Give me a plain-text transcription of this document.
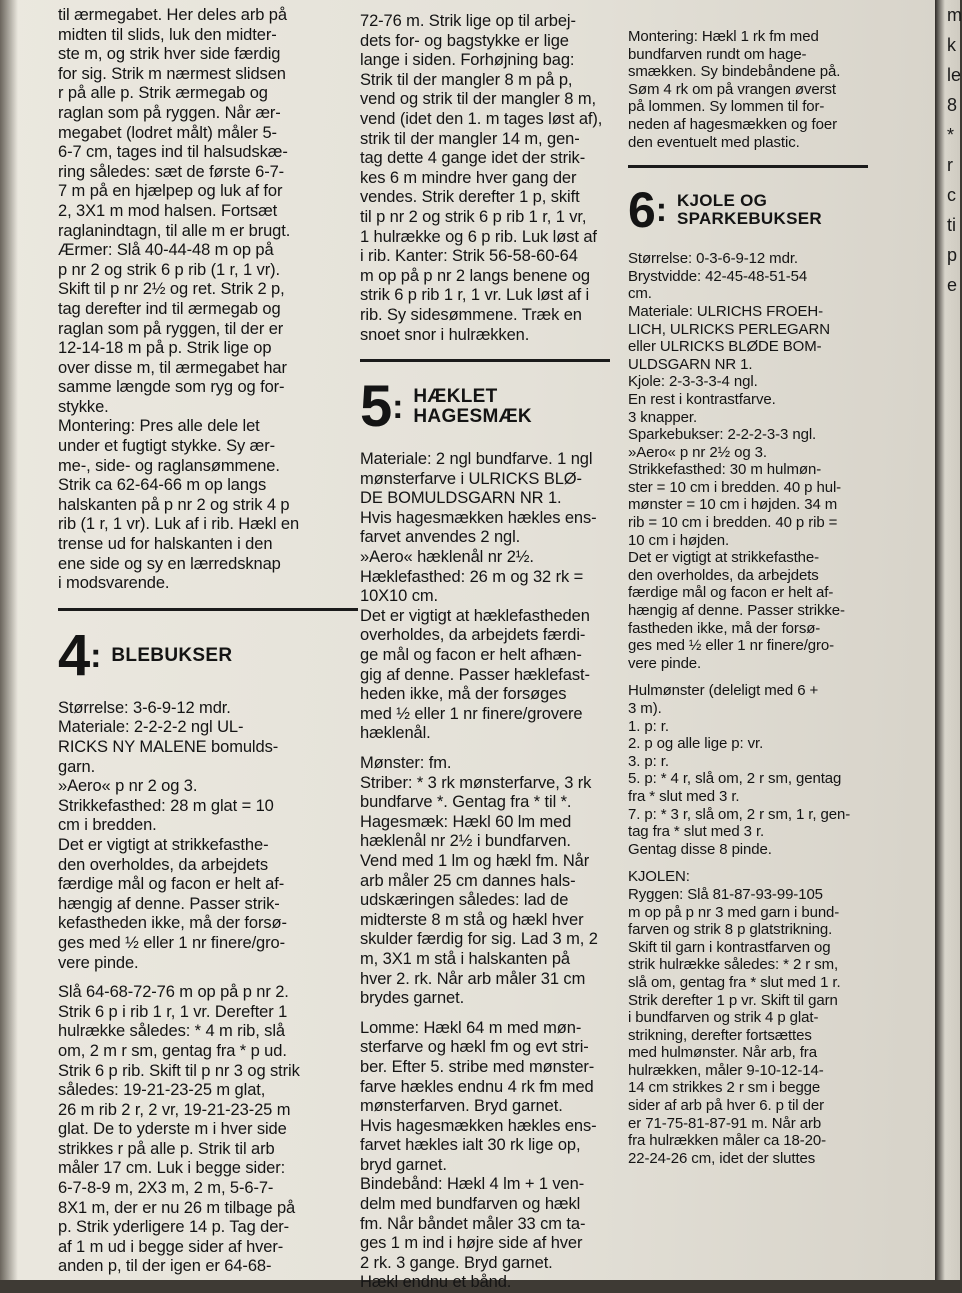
til ærmegabet. Her deles arb på
midten til slids, luk den midter-
ste m, og strik hver side færdig
for sig. Strik m nærmest slidsen
r på alle p. Strik ærmegab og
raglan som på ryggen. Når ær-
megabet (lodret målt) måler 5-
6-7 cm, tages ind til halsudskæ-
ring således: sæt de første 6-7-
7 m på en hjælpep og luk af for
2, 3X1 m mod halsen. Fortsæt
raglanindtagn, til alle m er brugt.
Ærmer: Slå 40-44-48 m op på
p nr 2 og strik 6 p rib (1 r, 1 vr).
Skift til p nr 2½ og ret. Strik 2 p,
tag derefter ind til ærmegab og
raglan som på ryggen, til der er
12-14-18 m på p. Strik lige op
over disse m, til ærmegabet har
samme længde som ryg og for-
stykke.
Montering: Pres alle dele let
under et fugtigt stykke. Sy ær-
me-, side- og raglansømmene.
Strik ca 62-64-66 m op langs
halskanten på p nr 2 og strik 4 p
rib (1 r, 1 vr). Luk af i rib. Hækl en
trense ud for halskanten i den
ene side og sy en lærredsknap
i modsvarende.
4 : BLEBUKSER
Størrelse: 3-6-9-12 mdr.
Materiale: 2-2-2-2 ngl UL-
RICKS NY MALENE bomulds-
garn.
»Aero« p nr 2 og 3.
Strikkefasthed: 28 m glat = 10
cm i bredden.
Det er vigtigt at strikkefasthe-
den overholdes, da arbejdets
færdige mål og facon er helt af-
hængig af denne. Passer strik-
kefastheden ikke, må der forsø-
ges med ½ eller 1 nr finere/gro-
vere pinde.
Slå 64-68-72-76 m op på p nr 2.
Strik 6 p i rib 1 r, 1 vr. Derefter 1
hulrække således: * 4 m rib, slå
om, 2 m r sm, gentag fra * p ud.
Strik 6 p rib. Skift til p nr 3 og strik
således: 19-21-23-25 m glat,
26 m rib 2 r, 2 vr, 19-21-23-25 m
glat. De to yderste m i hver side
strikkes r på alle p. Strik til arb
måler 17 cm. Luk i begge sider:
6-7-8-9 m, 2X3 m, 2 m, 5-6-7-
8X1 m, der er nu 26 m tilbage på
p. Strik yderligere 14 p. Tag der-
af 1 m ud i begge sider af hver-
anden p, til der igen er 64-68-
72-76 m. Strik lige op til arbej-
dets for- og bagstykke er lige
lange i siden. Forhøjning bag:
Strik til der mangler 8 m på p,
vend og strik til der mangler 8 m,
vend (idet den 1. m tages løst af),
strik til der mangler 14 m, gen-
tag dette 4 gange idet der strik-
kes 6 m mindre hver gang der
vendes. Strik derefter 1 p, skift
til p nr 2 og strik 6 p rib 1 r, 1 vr,
1 hulrække og 6 p rib. Luk løst af
i rib. Kanter: Strik 56-58-60-64
m op på p nr 2 langs benene og
strik 6 p rib 1 r, 1 vr. Luk løst af i
rib. Sy sidesømmene. Træk en
snoet snor i hulrækken.
5 : HÆKLET
HAGESMÆK
Materiale: 2 ngl bundfarve. 1 ngl
mønsterfarve i ULRICKS BLØ-
DE BOMULDSGARN NR 1.
Hvis hagesmækken hækles ens-
farvet anvendes 2 ngl.
»Aero« hæklenål nr 2½.
Hæklefasthed: 26 m og 32 rk =
10X10 cm.
Det er vigtigt at hæklefastheden
overholdes, da arbejdets færdi-
ge mål og facon er helt afhæn-
gig af denne. Passer hæklefast-
heden ikke, må der forsøges
med ½ eller 1 nr finere/grovere
hæklenål.
Mønster: fm.
Striber: * 3 rk mønsterfarve, 3 rk
bundfarve *. Gentag fra * til *.
Hagesmæk: Hækl 60 lm med
hæklenål nr 2½ i bundfarven.
Vend med 1 lm og hækl fm. Når
arb måler 25 cm dannes hals-
udskæringen således: lad de
midterste 8 m stå og hækl hver
skulder færdig for sig. Lad 3 m, 2
m, 3X1 m stå i halskanten på
hver 2. rk. Når arb måler 31 cm
brydes garnet.
Lomme: Hækl 64 m med møn-
sterfarve og hækl fm og evt stri-
ber. Efter 5. stribe med mønster-
farve hækles endnu 4 rk fm med
mønsterfarven. Bryd garnet.
Hvis hagesmækken hækles ens-
farvet hækles ialt 30 rk lige op,
bryd garnet.
Bindebånd: Hækl 4 lm + 1 ven-
delm med bundfarven og hækl
fm. Når båndet måler 33 cm ta-
ges 1 m ind i højre side af hver
2 rk. 3 gange. Bryd garnet.
Hækl endnu et bånd.
Montering: Hækl 1 rk fm med
bundfarven rundt om hage-
smækken. Sy bindebåndene på.
Søm 4 rk om på vrangen øverst
på lommen. Sy lommen til for-
neden af hagesmækken og foer
den eventuelt med plastic.
6 : KJOLE OG
SPARKEBUKSER
Størrelse: 0-3-6-9-12 mdr.
Brystvidde: 42-45-48-51-54
cm.
Materiale: ULRICHS FROEH-
LICH, ULRICKS PERLEGARN
eller ULRICKS BLØDE BOM-
ULDSGARN NR 1.
Kjole: 2-3-3-3-4 ngl.
En rest i kontrastfarve.
3 knapper.
Sparkebukser: 2-2-2-3-3 ngl.
»Aero« p nr 2½ og 3.
Strikkefasthed: 30 m hulmøn-
ster = 10 cm i bredden. 40 p hul-
mønster = 10 cm i højden. 34 m
rib = 10 cm i bredden. 40 p rib =
10 cm i højden.
Det er vigtigt at strikkefasthe-
den overholdes, da arbejdets
færdige mål og facon er helt af-
hængig af denne. Passer strikke-
fastheden ikke, må der forsø-
ges med ½ eller 1 nr finere/gro-
vere pinde.
Hulmønster (deleligt med 6 +
3 m).
1. p: r.
2. p og alle lige p: vr.
3. p: r.
5. p: * 4 r, slå om, 2 r sm, gentag
fra * slut med 3 r.
7. p: * 3 r, slå om, 2 r sm, 1 r, gen-
tag fra * slut med 3 r.
Gentag disse 8 pinde.
KJOLEN:
Ryggen: Slå 81-87-93-99-105
m op på p nr 3 med garn i bund-
farven og strik 8 p glatstrikning.
Skift til garn i kontrastfarven og
strik hulrække således: * 2 r sm,
slå om, gentag fra * slut med 1 r.
Strik derefter 1 p vr. Skift til garn
i bundfarven og strik 4 p glat-
strikning, derefter fortsættes
med hulmønster. Når arb, fra
hulrækken, måler 9-10-12-14-
14 cm strikkes 2 r sm i begge
sider af arb på hver 6. p til der
er 71-75-81-87-91 m. Når arb
fra hulrækken måler ca 18-20-
22-24-26 cm, idet der sluttes
m
k
le
8
*
r
c
ti
p
e
